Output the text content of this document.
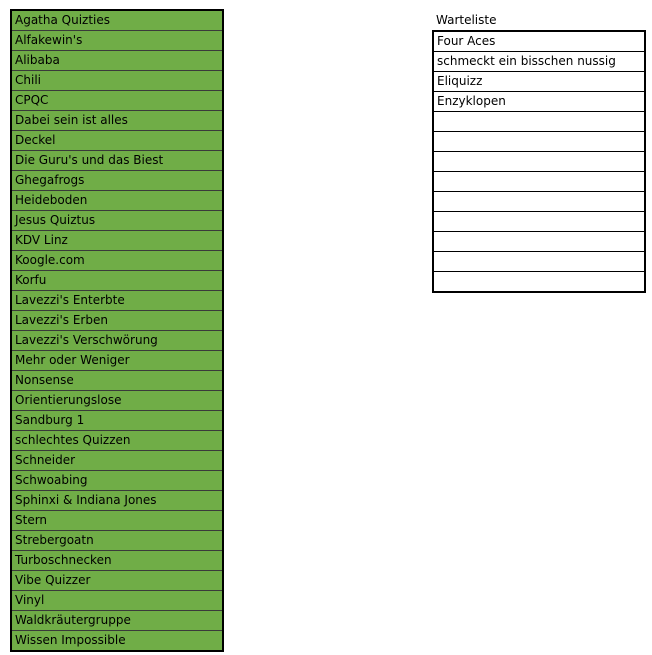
Agatha Quizties
Alfakewin's
Alibaba
Chili
CPQC
Dabei sein ist alles
Deckel
Die Guru's und das Biest
Ghegafrogs
Heideboden
Jesus Quiztus
KDV Linz
Koogle.com
Korfu
Lavezzi's Enterbte
Lavezzi's Erben
Lavezzi's Verschwörung
Mehr oder Weniger
Nonsense
Orientierungslose
Sandburg 1
schlechtes Quizzen
Schneider
Schwoabing
Sphinxi & Indiana Jones
Stern
Strebergoatn
Turboschnecken
Vibe Quizzer
Vinyl
Waldkräutergruppe
Wissen Impossible
Warteliste
Four Aces
schmeckt ein bisschen nussig
Eliquizz
Enzyklopen
